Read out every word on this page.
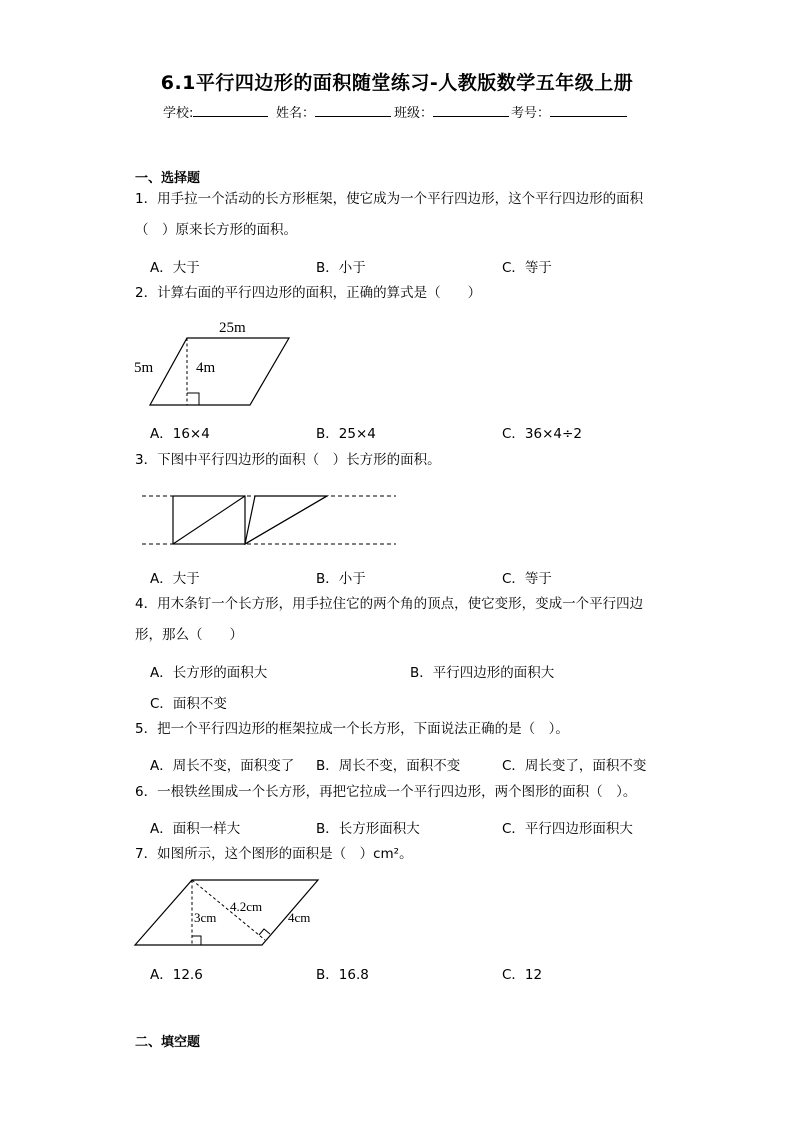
6.1平行四边形的面积随堂练习-人教版数学五年级上册
学校:	姓名：	班级：	考号：
一、选择题
1．用手拉一个活动的长方形框架，使它成为一个平行四边形，这个平行四边形的面积
（　）原来长方形的面积。
A．大于	B．小于	C．等于
2．计算右面的平行四边形的面积，正确的算式是（　　）
25m
5m	4m
A．16×4	B．25×4	C．36×4÷2
3．下图中平行四边形的面积（　）长方形的面积。
A．大于	B．小于	C．等于
4．用木条钉一个长方形，用手拉住它的两个角的顶点，使它变形，变成一个平行四边
形，那么（　　）
A．长方形的面积大	B．平行四边形的面积大
C．面积不变
5．把一个平行四边形的框架拉成一个长方形，下面说法正确的是（　）。
A．周长不变，面积变了 B．周长不变，面积不变	C．周长变了，面积不变
6．一根铁丝围成一个长方形，再把它拉成一个平行四边形，两个图形的面积（　）。
A．面积一样大	B．长方形面积大	C．平行四边形面积大
7．如图所示，这个图形的面积是（　）cm²。
3cm
4.2cm
4cm
A．12.6	B．16.8	C．12
二、填空题
